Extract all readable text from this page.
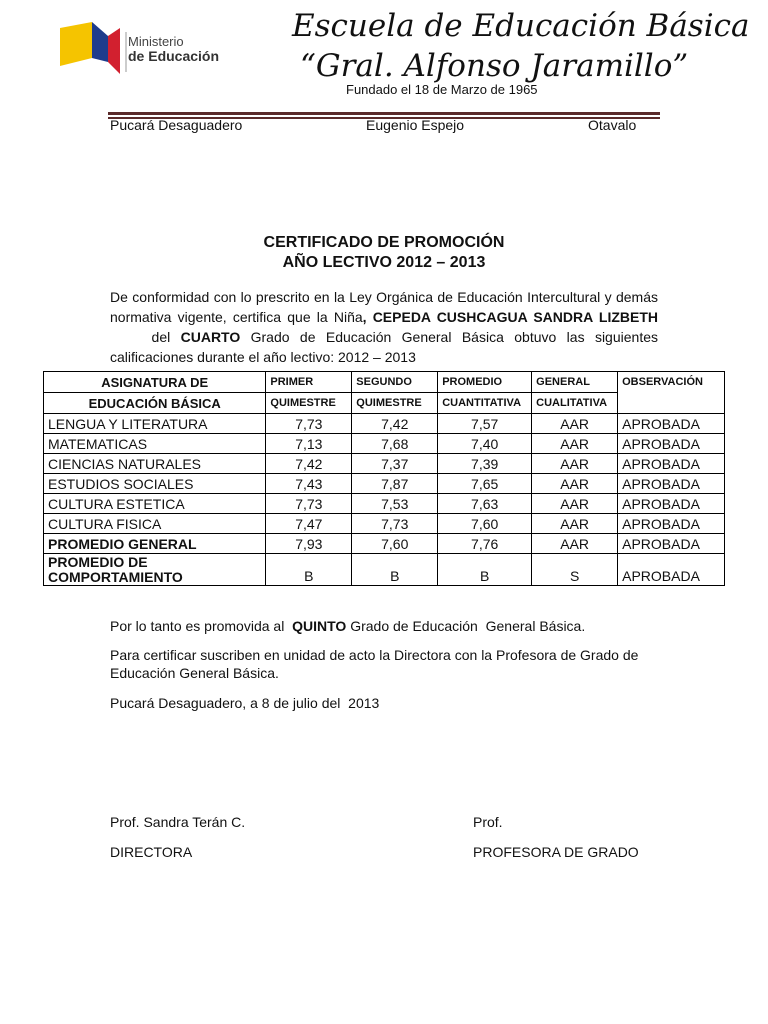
Ministerio
de Educación
Escuela de Educación Básica
“Gral. Alfonso Jaramillo”
Fundado el 18 de Marzo de 1965
Pucará Desaguadero	Eugenio Espejo	Otavalo
CERTIFICADO DE PROMOCIÓN
AÑO LECTIVO 2012 – 2013
De conformidad con lo prescrito en la Ley Orgánica de Educación Intercultural y demás normativa vigente, certifica que la Niña, CEPEDA CUSHCAGUA SANDRA LIZBETH    del CUARTO Grado de Educación General Básica obtuvo las siguientes calificaciones durante el año lectivo: 2012 – 2013
ASIGNATURA DE	PRIMER	SEGUNDO	PROMEDIO	GENERAL	OBSERVACIÓN
EDUCACIÓN BÁSICA	QUIMESTRE	QUIMESTRE	CUANTITATIVA	CUALITATIVA	
LENGUA Y LITERATURA	7,73	7,42	7,57	AAR	APROBADA
MATEMATICAS	7,13	7,68	7,40	AAR	APROBADA
CIENCIAS NATURALES	7,42	7,37	7,39	AAR	APROBADA
ESTUDIOS SOCIALES	7,43	7,87	7,65	AAR	APROBADA
CULTURA ESTETICA	7,73	7,53	7,63	AAR	APROBADA
CULTURA FISICA	7,47	7,73	7,60	AAR	APROBADA
PROMEDIO GENERAL	7,93	7,60	7,76	AAR	APROBADA
PROMEDIO DE
COMPORTAMIENTO	B	B	B	S	APROBADA
Por lo tanto es promovida al  QUINTO Grado de Educación  General Básica.
Para certificar suscriben en unidad de acto la Directora con la Profesora de Grado de Educación General Básica.
Pucará Desaguadero, a 8 de julio del  2013
Prof. Sandra Terán C.
DIRECTORA
Prof.
PROFESORA DE GRADO
